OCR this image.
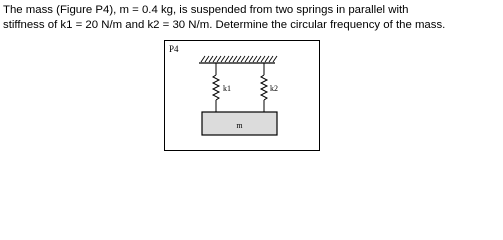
The mass (Figure P4), m = 0.4 kg, is suspended from two springs in parallel with
stiffness of k1 = 20 N/m and k2 = 30 N/m. Determine the circular frequency of the mass.
P4
k1	k2
m
